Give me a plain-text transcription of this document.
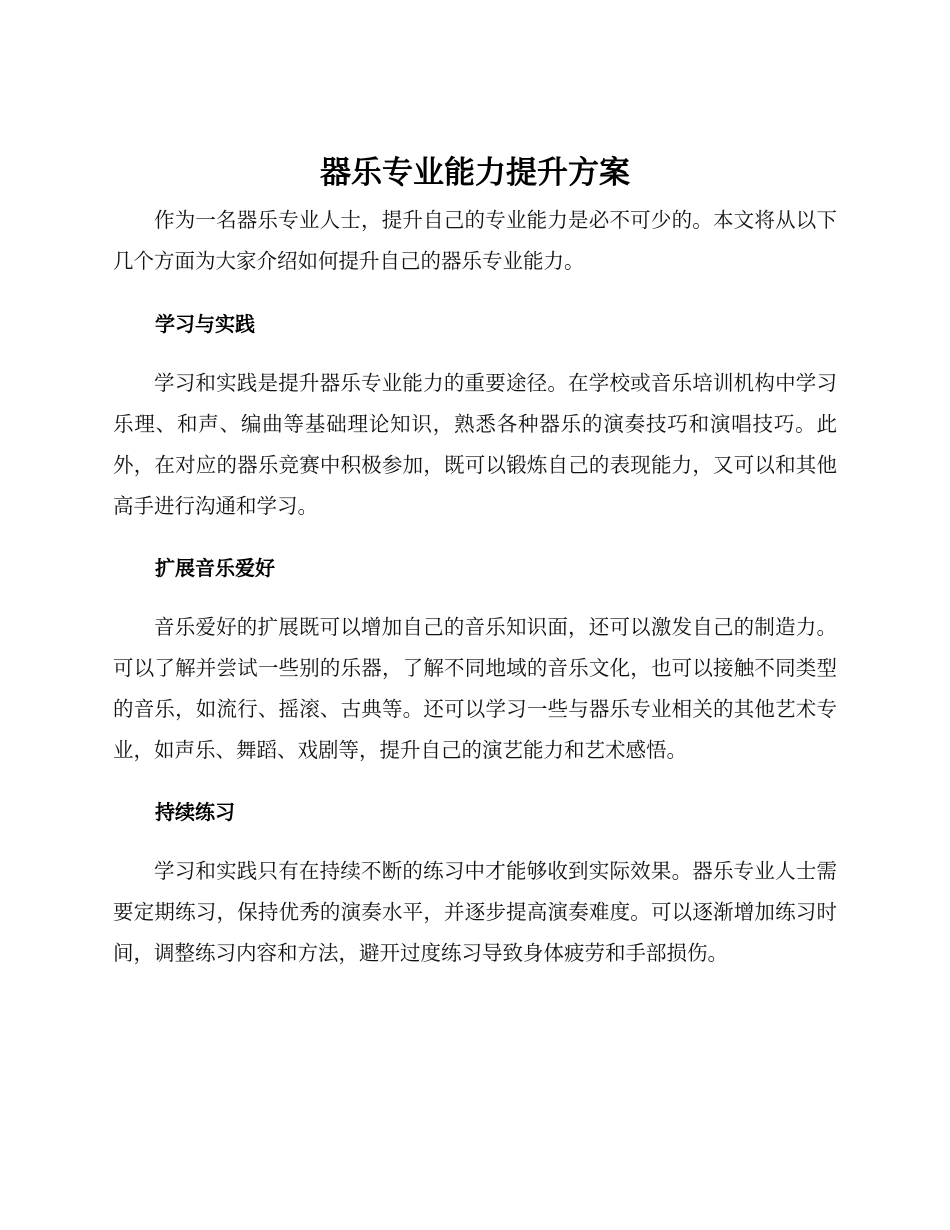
器乐专业能力提升方案

作为一名器乐专业人士，提升自己的专业能力是必不可少的。本文将从以下几个方面为大家介绍如何提升自己的器乐专业能力。

学习与实践

学习和实践是提升器乐专业能力的重要途径。在学校或音乐培训机构中学习乐理、和声、编曲等基础理论知识，熟悉各种器乐的演奏技巧和演唱技巧。此外，在对应的器乐竞赛中积极参加，既可以锻炼自己的表现能力，又可以和其他高手进行沟通和学习。

扩展音乐爱好

音乐爱好的扩展既可以增加自己的音乐知识面，还可以激发自己的制造力。可以了解并尝试一些别的乐器，了解不同地域的音乐文化，也可以接触不同类型的音乐，如流行、摇滚、古典等。还可以学习一些与器乐专业相关的其他艺术专业，如声乐、舞蹈、戏剧等，提升自己的演艺能力和艺术感悟。

持续练习

学习和实践只有在持续不断的练习中才能够收到实际效果。器乐专业人士需要定期练习，保持优秀的演奏水平，并逐步提高演奏难度。可以逐渐增加练习时间，调整练习内容和方法，避开过度练习导致身体疲劳和手部损伤。
